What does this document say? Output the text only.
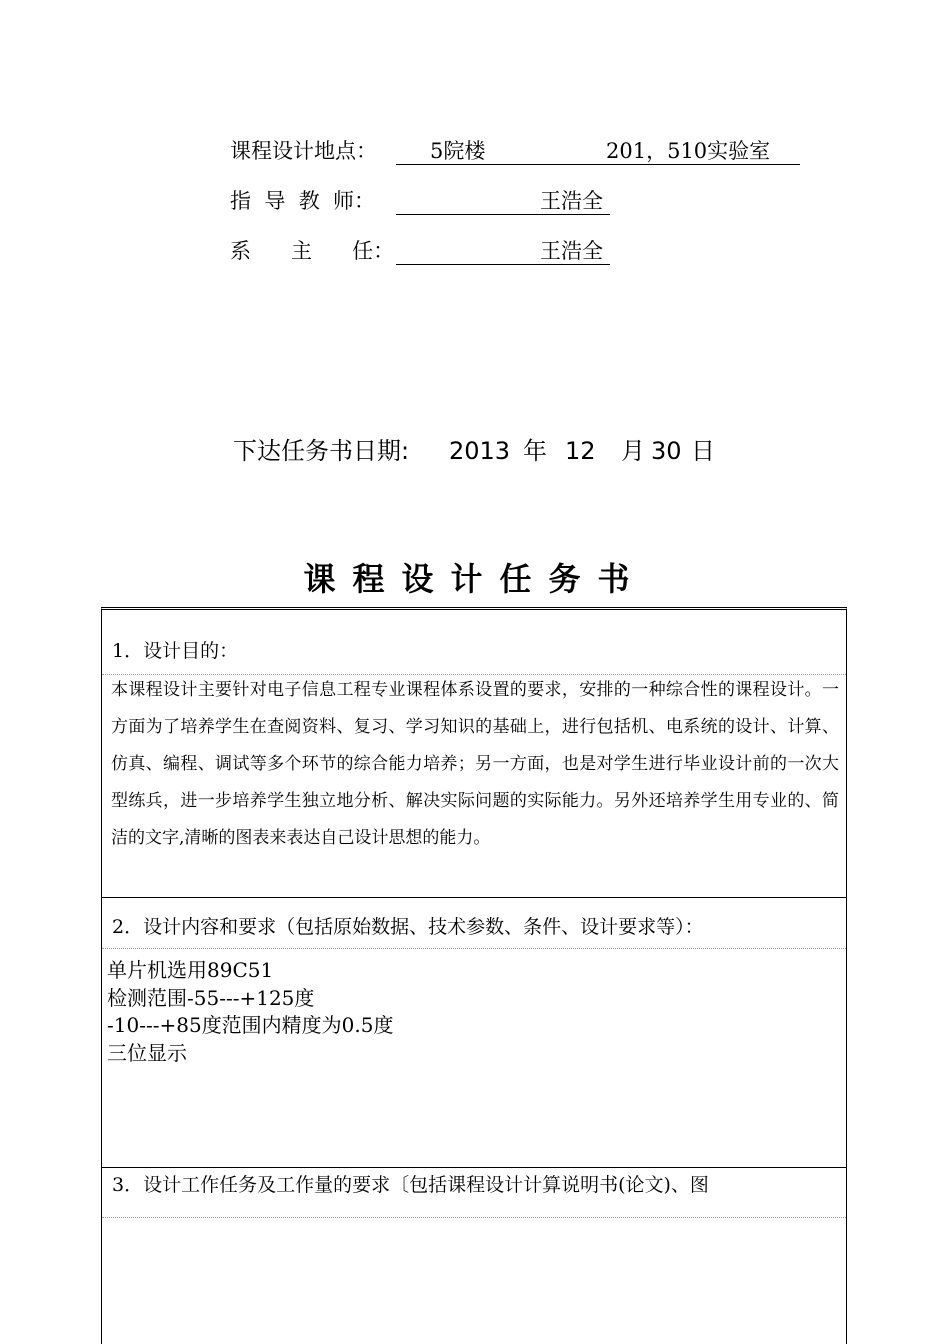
课程设计地点：	5院楼	201，510实验室
指  导  教  师：	王浩全
系      主      任：	王浩全
下达任务书日期: 2013 年 12 月 30 日
课程设计任务书
1．设计目的：

本课程设计主要针对电子信息工程专业课程体系设置的要求，安排的一种综合性的课程设计。一方面为了培养学生在查阅资料、复习、学习知识的基础上，进行包括机、电系统的设计、计算、仿真、编程、调试等多个环节的综合能力培养；另一方面，也是对学生进行毕业设计前的一次大型练兵，进一步培养学生独立地分析、解决实际问题的实际能力。另外还培养学生用专业的、简洁的文字,清晰的图表来表达自己设计思想的能力。

2．设计内容和要求（包括原始数据、技术参数、条件、设计要求等）：
单片机选用89C51
检测范围-55---+125度
-10---+85度范围内精度为0.5度
三位显示
3．设计工作任务及工作量的要求〔包括课程设计计算说明书(论文)、图
